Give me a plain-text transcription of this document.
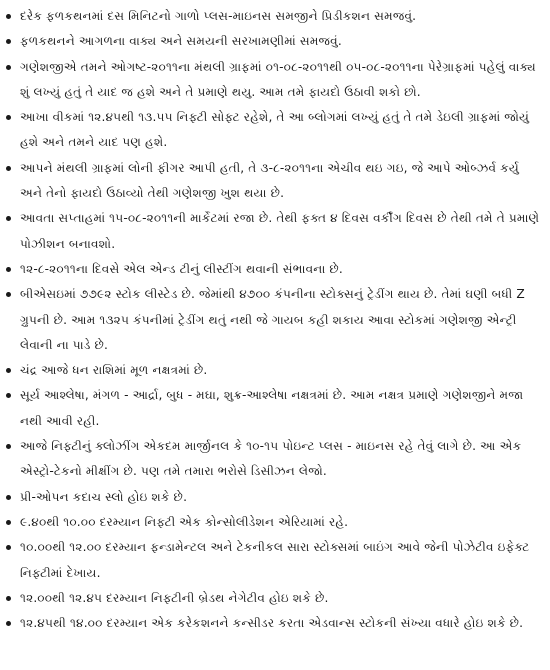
દરેક ફળકથનમાં દસ મિનિટનો ગાળો પ્લસ-માઇનસ સમજીને પ્રિડીકશન સમજવું.
ફળકથનને આગળના વાક્ય અને સમયની સરખામણીમાં સમજવું.
ગણેશજીએ તમને ઓગષ્ટ-૨૦૧૧ના મંથલી ગ્રાફમાં ૦૧-૦૮-૨૦૧૧થી ૦૫-૦૮-૨૦૧૧ના પેરેગ્રાફમાં પહેલું વાક્ય શું લખ્યું હતું તે યાદ જ હશે અને તે પ્રમાણે થયુ. આમ તમે ફાયદો ઉઠાવી શકો છો.
આખા વીકમાં ૧૨.૪૫થી ૧૩.૫૫ નિફ્ટી સોફ્ટ રહેશે, તે આ બ્લોગમાં લખ્યું હતું તે તમે ડેઇલી ગ્રાફમાં જોયું હશે અને તમને યાદ પણ હશે.
આપને મંથલી ગ્રાફમાં લોની ફીગર આપી હતી, તે ૩-૮-૨૦૧૧ના એચીવ થઇ ગઇ, જે આપે ઓબ્ઝર્વ કર્યુ અને તેનો ફાયદો ઉઠાવ્યો તેથી ગણેશજી ખુશ થયા છે.
આવતા સપ્તાહમાં ૧૫-૦૮-૨૦૧૧ની માર્કેટમાં રજા છે. તેથી ફક્ત ૪ દિવસ વર્કીંગ દિવસ છે તેથી તમે તે પ્રમાણે પોઝીશન બનાવશો.
૧૨-૮-૨૦૧૧ના દિવસે એલ એન્ડ ટીનું લીસ્ટીંગ થવાની સંભાવના છે.
બીએસઇમાં ૭૭૯૨ સ્ટોક લીસ્ટેડ છે. જેમાંથી ૪૭૦૦ કંપનીના સ્ટોક્સનું ટ્રેડીંગ થાય છે. તેમાં ઘણી બધી Z ગ્રુપની છે. આમ ૧૩૨૫ કંપનીમાં ટ્રેડીંગ થતું નથી જે ગાયબ કહી શકાય આવા સ્ટોકમાં ગણેશજી એન્ટ્રી લેવાની ના પાડે છે.
ચંદ્ર આજે ધન રાશિમાં મૂળ નક્ષત્રમાં છે.
સૂર્ય આશ્લેષા, મંગળ - આર્દ્રા, બુધ - મઘા, શુક્ર-આશ્લેષા નક્ષત્રમાં છે. આમ નક્ષત્ર પ્રમાણે ગણેશજીને મજા નથી આવી રહી.
આજે નિફ્ટીનું ક્લોઝીંગ એકદમ માર્જીનલ કે ૧૦-૧૫ પોઇન્ટ પ્લસ - માઇનસ રહે તેવું લાગે છે. આ એક એસ્ટ્રો-ટેકનો મીક્ષીંગ છે. પણ તમે તમારા ભરોસે ડિસીઝન લેજો.
પ્રી-ઓપન કદાચ સ્લો હોઇ શકે છે.
૯.૪૦થી ૧૦.૦૦ દરમ્યાન નિફ્ટી એક કોન્સોલીડેશન એરિયામાં રહે.
૧૦.૦૦થી ૧૨.૦૦ દરમ્યાન ફન્ડામેન્ટલ અને ટેકનીકલ સારા સ્ટોક્સમાં બાઇંગ આવે જેની પોઝેટીવ ઇફેક્ટ નિફ્ટીમાં દેખાય.
૧૨.૦૦થી ૧૨.૪૫ દરમ્યાન નિફ્ટીની બ્રેડથ નેગેટીવ હોઇ શકે છે.
૧૨.૪૫થી ૧૪.૦૦ દરમ્યાન એક કરેકશનને કન્સીડર કરતા એડવાન્સ સ્ટોકની સંખ્યા વધારે હોઇ શકે છે.
